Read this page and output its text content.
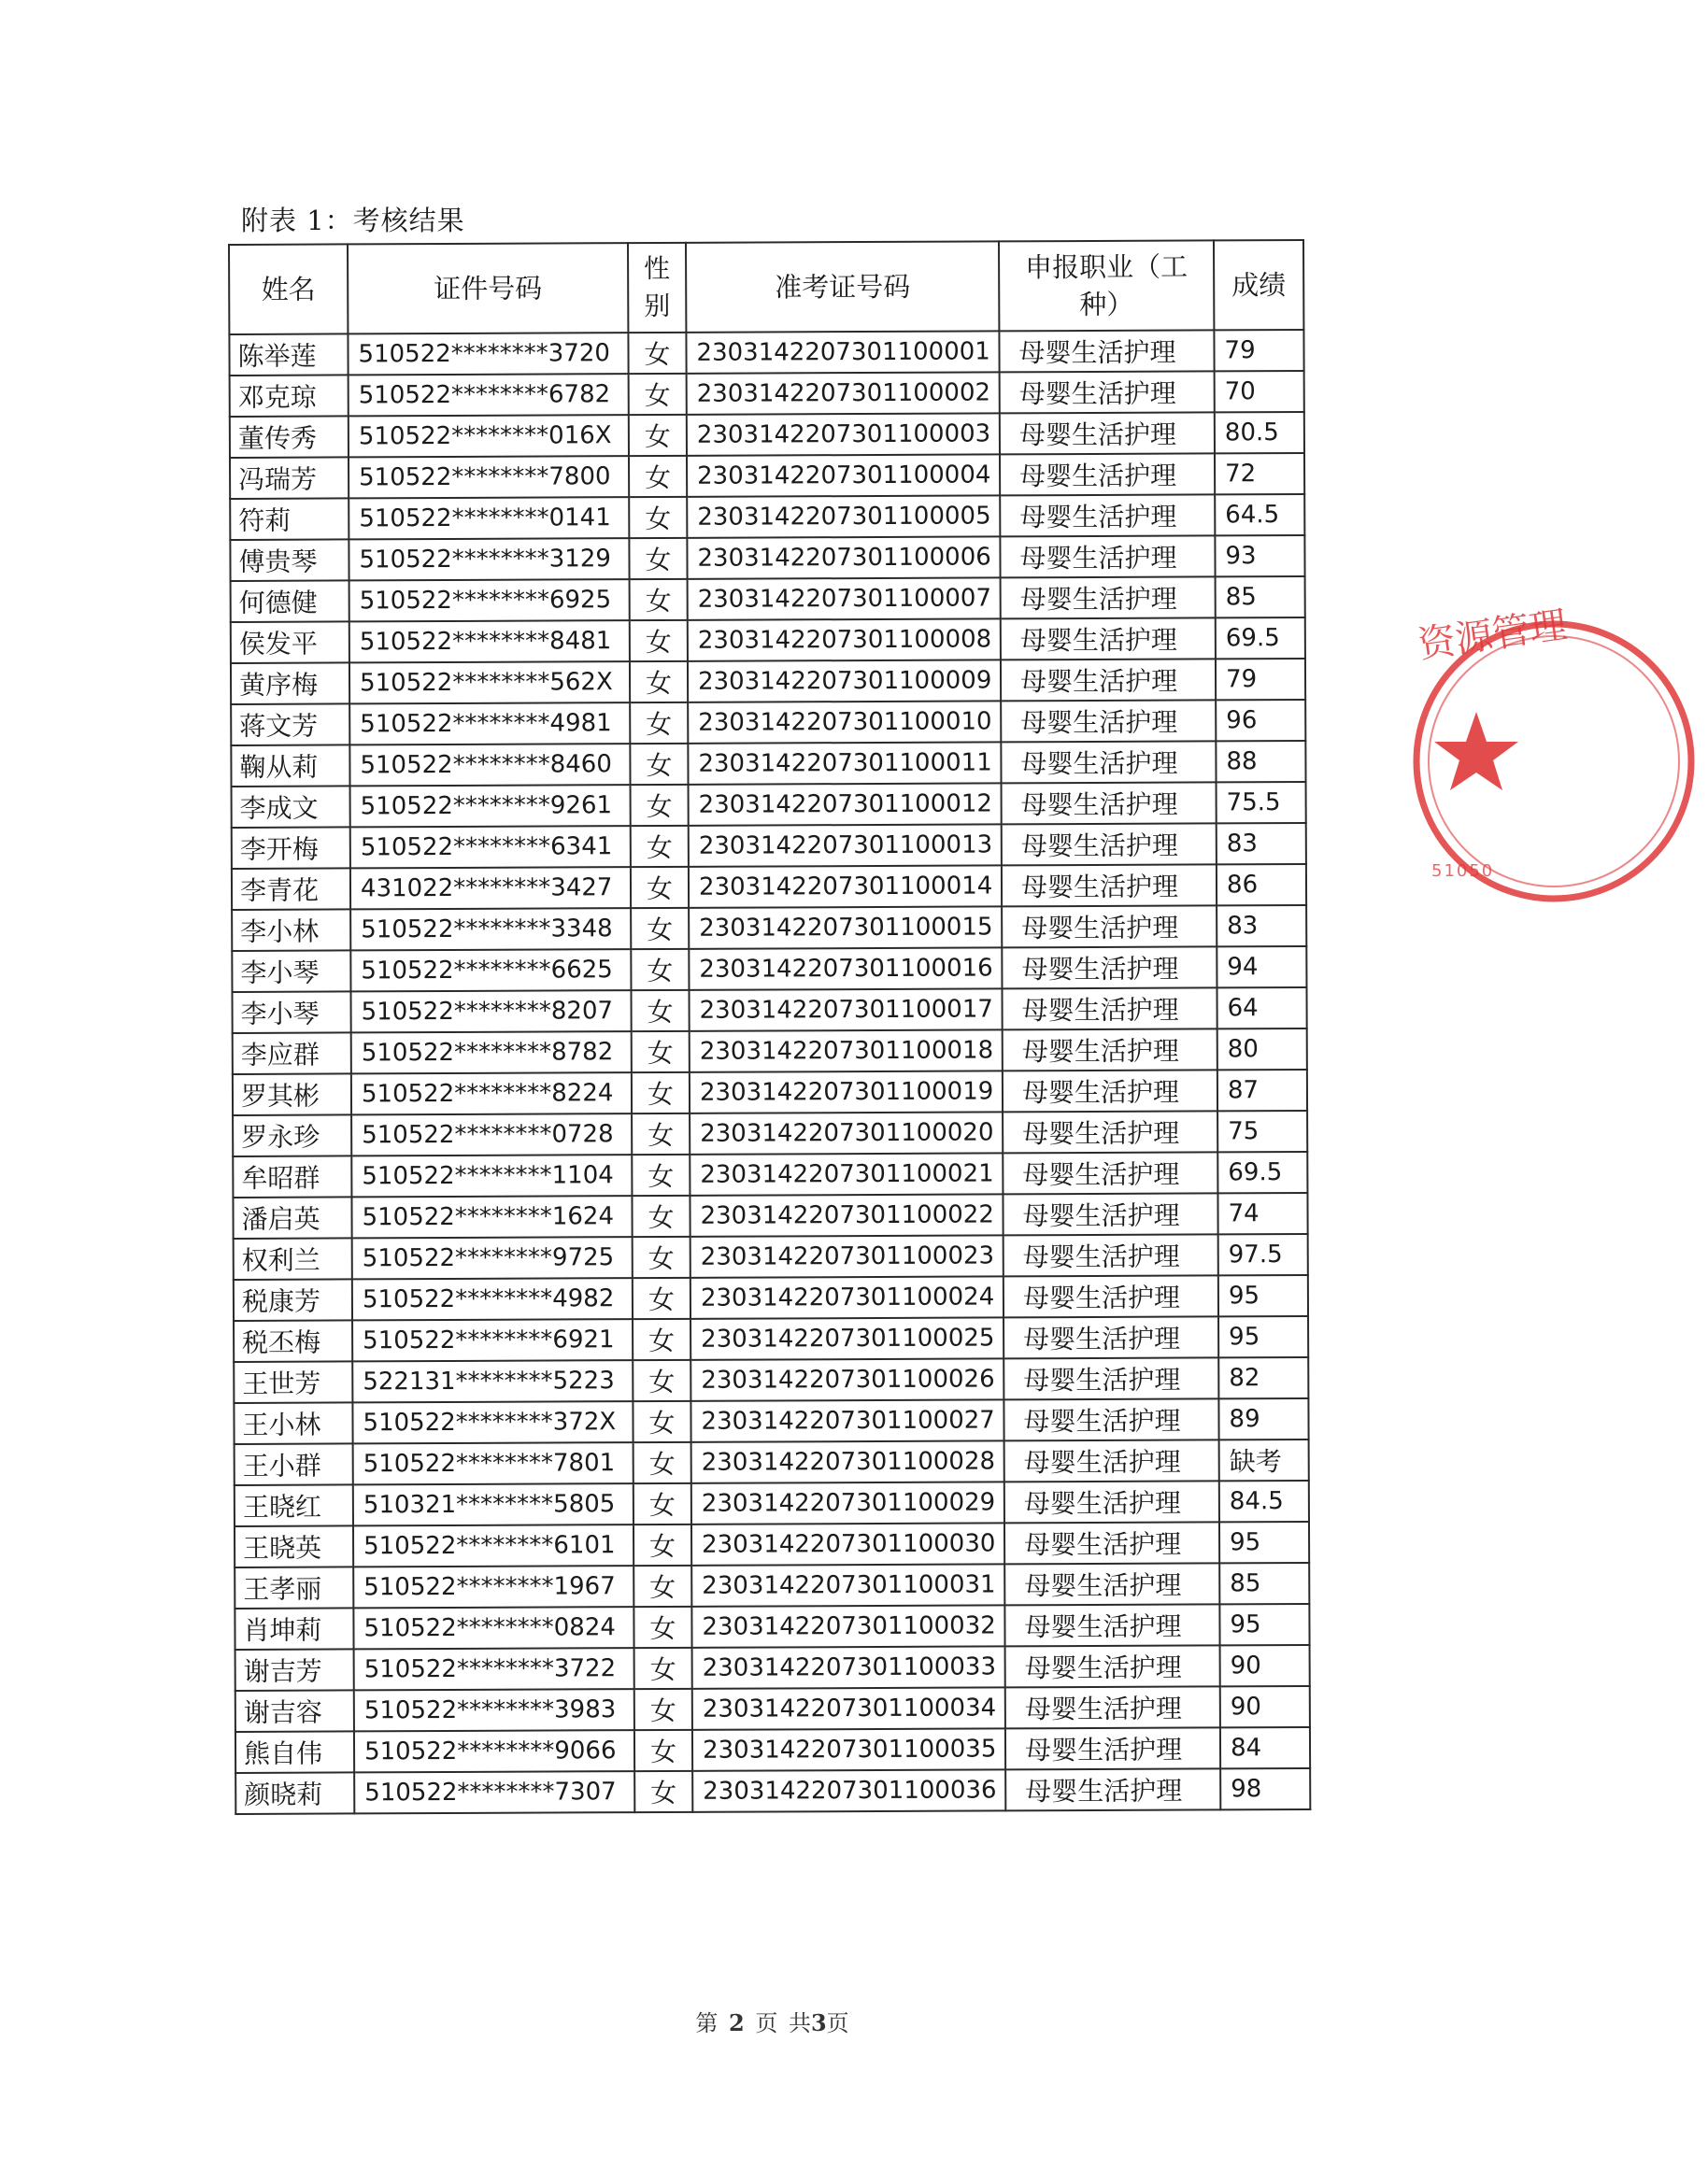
附表 1：考核结果
姓名	证件号码	性别	准考证号码	申报职业（工种）	成绩
陈举莲	510522********3720	女	2303142207301100001	母婴生活护理	79
邓克琼	510522********6782	女	2303142207301100002	母婴生活护理	70
董传秀	510522********016X	女	2303142207301100003	母婴生活护理	80.5
冯瑞芳	510522********7800	女	2303142207301100004	母婴生活护理	72
符莉	510522********0141	女	2303142207301100005	母婴生活护理	64.5
傅贵琴	510522********3129	女	2303142207301100006	母婴生活护理	93
何德健	510522********6925	女	2303142207301100007	母婴生活护理	85
侯发平	510522********8481	女	2303142207301100008	母婴生活护理	69.5
黄序梅	510522********562X	女	2303142207301100009	母婴生活护理	79
蒋文芳	510522********4981	女	2303142207301100010	母婴生活护理	96
鞠从莉	510522********8460	女	2303142207301100011	母婴生活护理	88
李成文	510522********9261	女	2303142207301100012	母婴生活护理	75.5
李开梅	510522********6341	女	2303142207301100013	母婴生活护理	83
李青花	431022********3427	女	2303142207301100014	母婴生活护理	86
李小林	510522********3348	女	2303142207301100015	母婴生活护理	83
李小琴	510522********6625	女	2303142207301100016	母婴生活护理	94
李小琴	510522********8207	女	2303142207301100017	母婴生活护理	64
李应群	510522********8782	女	2303142207301100018	母婴生活护理	80
罗其彬	510522********8224	女	2303142207301100019	母婴生活护理	87
罗永珍	510522********0728	女	2303142207301100020	母婴生活护理	75
牟昭群	510522********1104	女	2303142207301100021	母婴生活护理	69.5
潘启英	510522********1624	女	2303142207301100022	母婴生活护理	74
权利兰	510522********9725	女	2303142207301100023	母婴生活护理	97.5
税康芳	510522********4982	女	2303142207301100024	母婴生活护理	95
税丕梅	510522********6921	女	2303142207301100025	母婴生活护理	95
王世芳	522131********5223	女	2303142207301100026	母婴生活护理	82
王小林	510522********372X	女	2303142207301100027	母婴生活护理	89
王小群	510522********7801	女	2303142207301100028	母婴生活护理	缺考
王晓红	510321********5805	女	2303142207301100029	母婴生活护理	84.5
王晓英	510522********6101	女	2303142207301100030	母婴生活护理	95
王孝丽	510522********1967	女	2303142207301100031	母婴生活护理	85
肖坤莉	510522********0824	女	2303142207301100032	母婴生活护理	95
谢吉芳	510522********3722	女	2303142207301100033	母婴生活护理	90
谢吉容	510522********3983	女	2303142207301100034	母婴生活护理	90
熊自伟	510522********9066	女	2303142207301100035	母婴生活护理	84
颜晓莉	510522********7307	女	2303142207301100036	母婴生活护理	98
第 2 页 共3页
资源管理
51050
